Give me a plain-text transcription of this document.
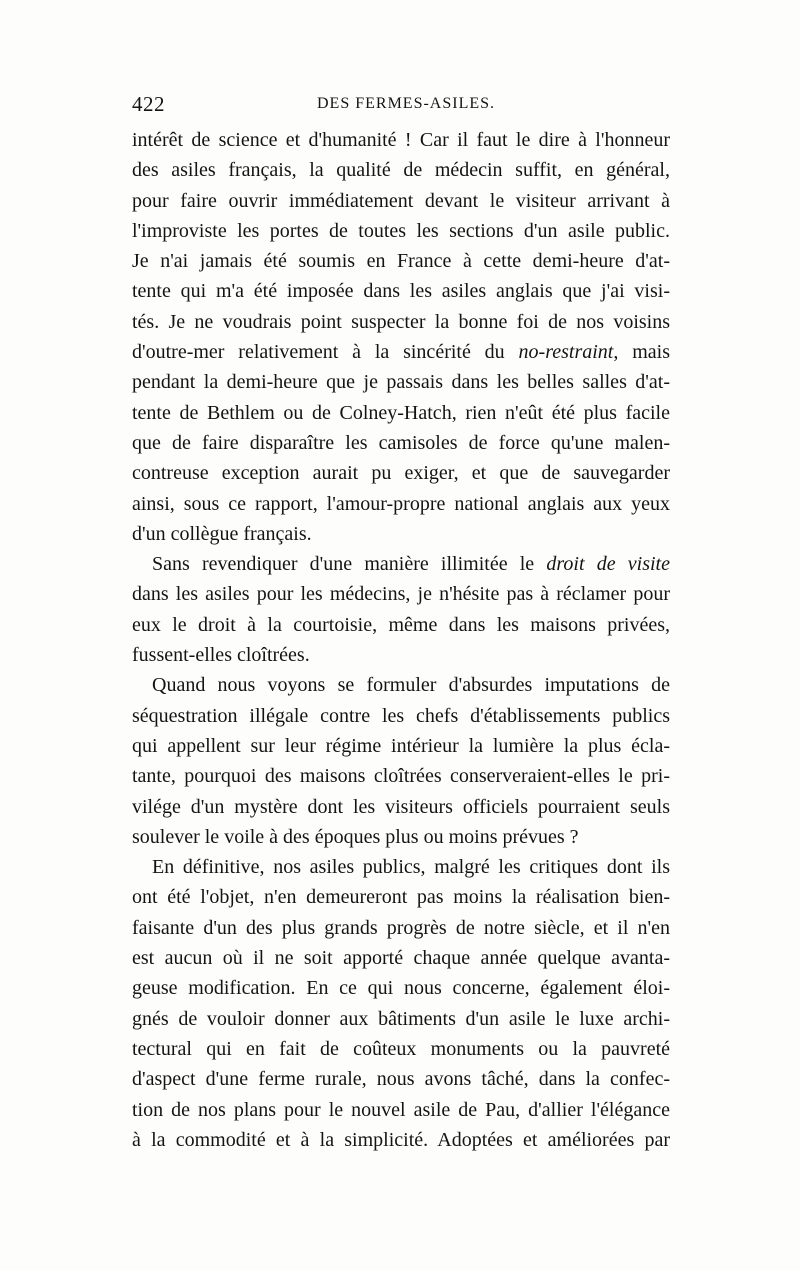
422	DES FERMES-ASILES.
intérêt de science et d'humanité ! Car il faut le dire à l'honneur
des asiles français, la qualité de médecin suffit, en général,
pour faire ouvrir immédiatement devant le visiteur arrivant à
l'improviste les portes de toutes les sections d'un asile public.
Je n'ai jamais été soumis en France à cette demi-heure d'at-
tente qui m'a été imposée dans les asiles anglais que j'ai visi-
tés. Je ne voudrais point suspecter la bonne foi de nos voisins
d'outre-mer relativement à la sincérité du no-restraint, mais
pendant la demi-heure que je passais dans les belles salles d'at-
tente de Bethlem ou de Colney-Hatch, rien n'eût été plus facile
que de faire disparaître les camisoles de force qu'une malen-
contreuse exception aurait pu exiger, et que de sauvegarder
ainsi, sous ce rapport, l'amour-propre national anglais aux yeux
d'un collègue français.
Sans revendiquer d'une manière illimitée le droit de visite
dans les asiles pour les médecins, je n'hésite pas à réclamer pour
eux le droit à la courtoisie, même dans les maisons privées,
fussent-elles cloîtrées.
Quand nous voyons se formuler d'absurdes imputations de
séquestration illégale contre les chefs d'établissements publics
qui appellent sur leur régime intérieur la lumière la plus écla-
tante, pourquoi des maisons cloîtrées conserveraient-elles le pri-
vilége d'un mystère dont les visiteurs officiels pourraient seuls
soulever le voile à des époques plus ou moins prévues ?
En définitive, nos asiles publics, malgré les critiques dont ils
ont été l'objet, n'en demeureront pas moins la réalisation bien-
faisante d'un des plus grands progrès de notre siècle, et il n'en
est aucun où il ne soit apporté chaque année quelque avanta-
geuse modification. En ce qui nous concerne, également éloi-
gnés de vouloir donner aux bâtiments d'un asile le luxe archi-
tectural qui en fait de coûteux monuments ou la pauvreté
d'aspect d'une ferme rurale, nous avons tâché, dans la confec-
tion de nos plans pour le nouvel asile de Pau, d'allier l'élégance
à la commodité et à la simplicité. Adoptées et améliorées par
